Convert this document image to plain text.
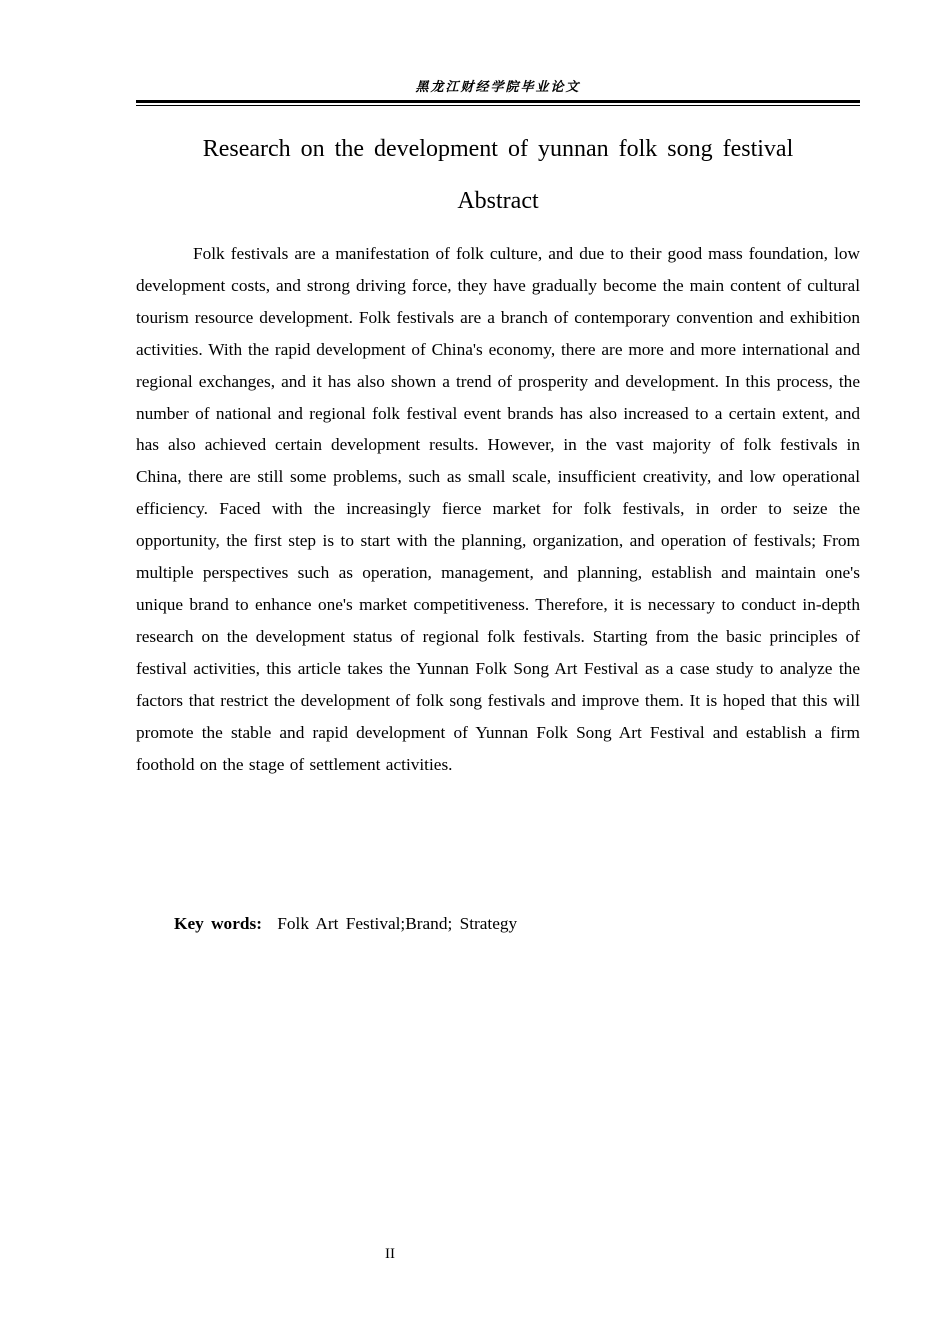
黑龙江财经学院毕业论文
Research on the development of yunnan folk song festival
Abstract

Folk festivals are a manifestation of folk culture, and due to their good mass foundation, low development costs, and strong driving force, they have gradually become the main content of cultural tourism resource development. Folk festivals are a branch of contemporary convention and exhibition activities. With the rapid development of China's economy, there are more and more international and regional exchanges, and it has also shown a trend of prosperity and development. In this process, the number of national and regional folk festival event brands has also increased to a certain extent, and has also achieved certain development results. However, in the vast majority of folk festivals in China, there are still some problems, such as small scale, insufficient creativity, and low operational efficiency. Faced with the increasingly fierce market for folk festivals, in order to seize the opportunity, the first step is to start with the planning, organization, and operation of festivals; From multiple perspectives such as operation, management, and planning, establish and maintain one's unique brand to enhance one's market competitiveness. Therefore, it is necessary to conduct in-depth research on the development status of regional folk festivals. Starting from the basic principles of festival activities, this article takes the Yunnan Folk Song Art Festival as a case study to analyze the factors that restrict the development of folk song festivals and improve them. It is hoped that this will promote the stable and rapid development of Yunnan Folk Song Art Festival and establish a firm foothold on the stage of settlement activities.

Key words: Folk Art Festival;Brand; Strategy
II
